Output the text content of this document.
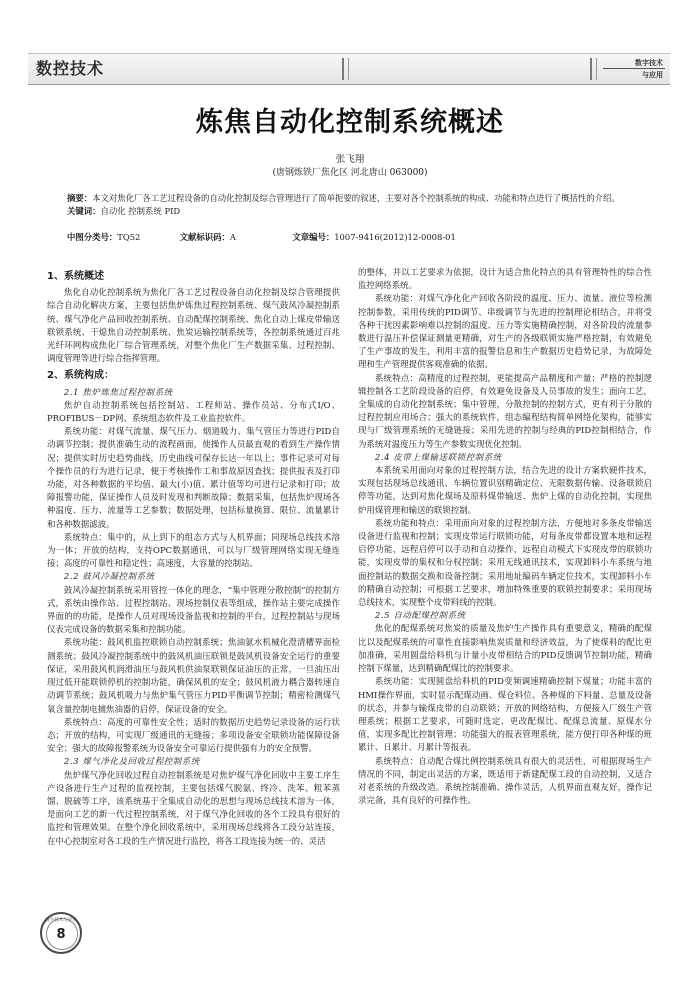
数控技术	数字技术
与应用
炼焦自动化控制系统概述
张飞翔
(唐钢炼铁厂焦化区 河北唐山 063000)

摘要：本文对焦化厂各工艺过程设备的自动化控制及综合管理进行了简单扼要的叙述，主要对各个控制系统的构成、功能和特点进行了概括性的介绍。

关键词：自动化 控制系统 PID

中图分类号：TQ52	文献标识码：A	文章编号：1007-9416(2012)12-0008-01
1、系统概述

焦化自动化控制系统为焦化厂各工艺过程设备自动化控制及综合管理提供综合自动化解决方案，主要包括焦炉炼焦过程控制系统、煤气鼓风冷凝控制系统、煤气净化产品回收控制系统、自动配煤控制系统、焦化自动上煤皮带输送联锁系统、干熄焦自动控制系统、焦炭运输控制系统等，各控制系统通过百兆光纤环网构成焦化厂综合管理系统，对整个焦化厂生产数据采集、过程控制、调度管理等进行综合指挥管理。

2、系统构成：
2.1 焦炉炼焦过程控制系统

焦炉自动控制系统包括控制站、工程师站、操作员站、分布式I/O、PROFIBUS－DP网、系统组态软件及工业监控软件。

系统功能：对煤气流量、煤气压力、烟道吸力、集气管压力等进行PID自动调节控制；提供准确生动的流程画面，使操作人员最直观的看到生产操作情况；提供实时历史趋势曲线，历史曲线可保存长达一年以上；事件记录可对每个操作员的行为进行记录，便于考核操作工和事故原因查找；提供报表及打印功能，对各种数据的平均值、最大(小)值、累计值等均可进行记录和打印；故障报警功能，保证操作人员及时发现和判断故障；数据采集，包括焦炉现场各种温度、压力、流量等工艺参数；数据处理，包括标量换算、限位、流量累计和各种数据滤波。

系统特点：集中的，从上到下的组态方式与人机界面；同现场总线技术溶为一体；开放的结构，支持OPC数据通讯，可以与厂级管理网络实现无缝连接；高度的可靠性和稳定性；高速度，大容量的控制站。

2.2 鼓风冷凝控制系统

鼓风冷凝控制系统采用管控一体化的理念，“集中管理分散控制”的控制方式，系统由操作站、过程控制站、现场控制仪表等组成，操作站主要完成操作界面的的功能，是操作人员对现场设备监视和控制的平台，过程控制站与现场仪表完成设备的数据采集和控制功能。

系统功能：鼓风机监控联锁自动控制系统；焦油氨水机械化澄清槽界面检测系统；鼓风冷凝控制系统中的鼓风机油压联锁是鼓风机设备安全运行的重要保证，采用鼓风机润滑油压与鼓风机供油泵联锁保证油压的正常，一旦油压出现过低开能联锁停机的控制功能，确保风机的安全；鼓风机液力耦合器转速自动调节系统；鼓风机吸力与焦炉集气管压力PID平衡调节控制；精密检测煤气氧含量控制电捕焦油器的启停，保证设备的安全。

系统特点：高度的可靠性安全性；适时的数据历史趋势记录设备的运行状态；开放的结构，可实现厂级通讯的无缝接；多项设备安全联锁功能保障设备安全；强大的故障报警系统为设备安全可靠运行提供强有力的安全预警。

2.3 煤气净化及回收过程控制系统

焦炉煤气净化回收过程自动控制系统是对焦炉煤气净化回收中主要工序生产设备进行生产过程的监视控制，主要包括煤气脱氨、终冷、洗苯、粗苯蒸馏、脱硫等工序，该系统基于全集成自动化的思想与现场总线技术溶为一体，是面向工艺的新一代过程控制系统，对于煤气净化回收的各个工段具有很好的监控和管理效果。在整个净化回收系统中，采用现场总线将各工段分站连接，在中心控制室对各工段的生产情况进行监控，将各工段连接为统一的、灵活

的整体，并以工艺要求为依据，设计为适合焦化特点的具有管理特性的综合性监控网络系统。

系统功能：对煤气净化化产回收各阶段的温度、压力、流量、液位等检测控制参数，采用传统的PID调节、串级调节与先进的控制理论相结合，并将受各种干扰因素影响难以控制的温度、压力等实施精确控制，对各阶段的流量参数进行温压补偿保证测量更精确，对生产的各级联锁实施严格控制，有效避免了生产事故的发生，利用丰富的报警信息和生产数据历史趋势记录，为故障处理和生产管理提供客观准确的依据。

系统特点：高精度的过程控制，更能提高产品精度和产量；严格的控制逻辑控制各工艺阶段设备的启停，有效避免设备及人员事故的发生；面向工艺，全集成的自动化控制系统；集中管理，分散控制的控制方式，更有利于分散的过程控制应用场合；强大的系统软件，组态编程结构简单网络化架构，能够实现与厂级管理系统的无缝链接；采用先进的控制与经典的PID控制相结合，作为系统对温度压力等生产参数实现优化控制。

2.4 皮带上煤输送联锁控制系统

本系统采用面向对象的过程控制方法，结合先进的设计方案软硬件技术，实现包括现场总线通讯、车辆位置识别精确定位、无限数据传输、设备联锁启停等功能，达到对焦化煤场及原料煤带输送、焦炉上煤的自动化控制，实现焦炉用煤管理和输送的联锁控制。

系统功能和特点：采用面向对象的过程控制方法，方便地对多条皮带输送设备进行监视和控制；实现皮带运行联锁功能，对每条皮带都设置本地和远程启停功能，远程启停可以手动和自动操作，远程自动模式下实现皮带的联锁功能，实现皮带的集权和分权控制；采用无线通讯技术，实现卸料小车系统与地面控制站的数据交换和设备控制；采用地址编码车辆定位技术，实现卸料小车的精确自动控制；可根据工艺要求，增加特殊重要的联锁控制要求；采用现场总线技术，实现整个皮带料线的控制。

2.5 自动配煤控制系统

焦化的配煤系统对焦炭的质量及焦炉生产操作具有重要意义，精确的配煤比以及配煤系统的可靠性直接影响焦炭质量和经济效益，为了使煤料的配比更加准确，采用圆盘给料机与计量小皮带相结合的PID反馈调节控制功能，精确控制下煤量，达到精确配煤比的控制要求。

系统功能：实现圆盘给料机的PID变频调速精确控制下煤量；功能丰富的HMI操作界面，实时显示配煤动画、煤仓料位、各种煤的下料量、总量及设备的状态，并参与输煤皮带的自动联锁；开放的网络结构，方便接入厂级生产管理系统；根据工艺要求，可随时选定、更改配煤比、配煤总流量、原煤水分值，实现多配比控制管理；功能强大的报表管理系统，能方便打印各种煤的班累计、日累计、月累计等报表。

系统特点：自动配合煤比例控制系统具有很大的灵活性，可根据现场生产情况的不同，制定出灵活的方案，既适用于新建配煤工段的自动控制，又适合对老系统的升级改造。系统控制准确、操作灵活，人机界面直观友好，操作记录完备，具有良好的可操作性。

数字技术与应用
8
